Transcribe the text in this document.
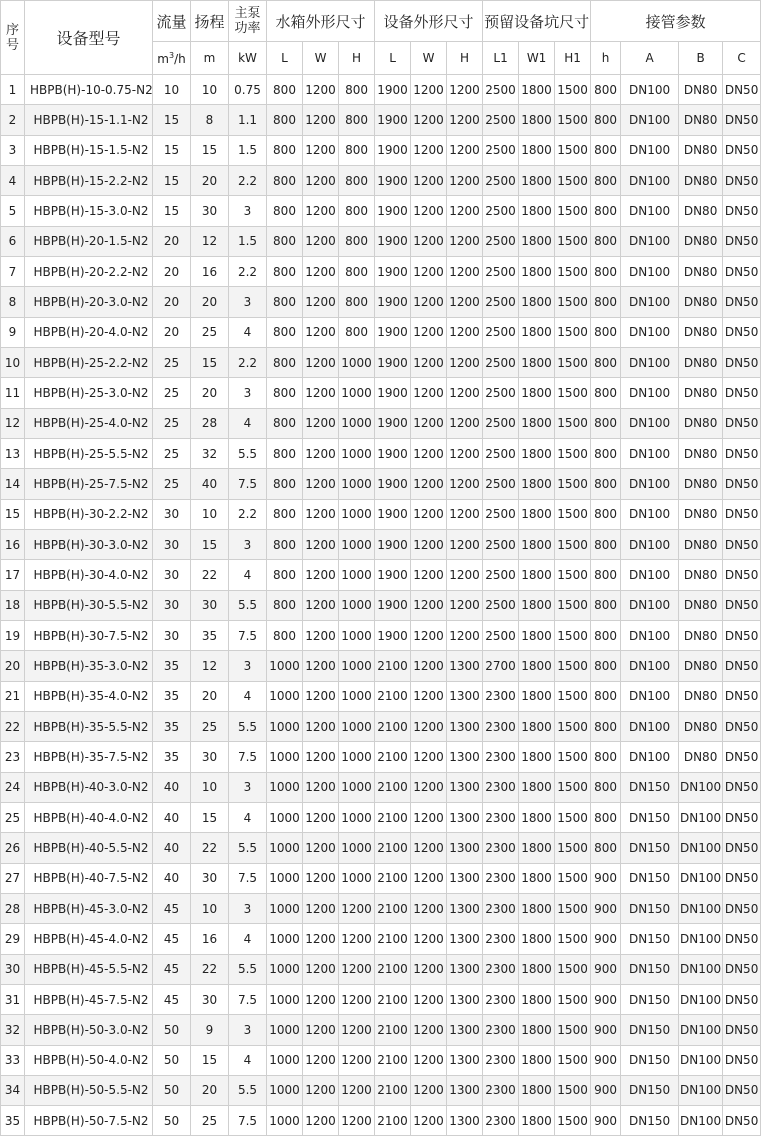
序号	设备型号	流量	扬程	主泵功率	水箱外形尺寸			设备外形尺寸			预留设备坑尺寸			接管参数			
		$m^3/h$	m	kW	L	W	H	L	W	H	L1	W1	H1	h	A	B	C
1	HBPB(H)-10-0.75-N2	10	10	0.75	800	1200	800	1900	1200	1200	2500	1800	1500	800	DN100	DN80	DN50
2	HBPB(H)-15-1.1-N2	15	8	1.1	800	1200	800	1900	1200	1200	2500	1800	1500	800	DN100	DN80	DN50
3	HBPB(H)-15-1.5-N2	15	15	1.5	800	1200	800	1900	1200	1200	2500	1800	1500	800	DN100	DN80	DN50
4	HBPB(H)-15-2.2-N2	15	20	2.2	800	1200	800	1900	1200	1200	2500	1800	1500	800	DN100	DN80	DN50
5	HBPB(H)-15-3.0-N2	15	30	3	800	1200	800	1900	1200	1200	2500	1800	1500	800	DN100	DN80	DN50
6	HBPB(H)-20-1.5-N2	20	12	1.5	800	1200	800	1900	1200	1200	2500	1800	1500	800	DN100	DN80	DN50
7	HBPB(H)-20-2.2-N2	20	16	2.2	800	1200	800	1900	1200	1200	2500	1800	1500	800	DN100	DN80	DN50
8	HBPB(H)-20-3.0-N2	20	20	3	800	1200	800	1900	1200	1200	2500	1800	1500	800	DN100	DN80	DN50
9	HBPB(H)-20-4.0-N2	20	25	4	800	1200	800	1900	1200	1200	2500	1800	1500	800	DN100	DN80	DN50
10	HBPB(H)-25-2.2-N2	25	15	2.2	800	1200	1000	1900	1200	1200	2500	1800	1500	800	DN100	DN80	DN50
11	HBPB(H)-25-3.0-N2	25	20	3	800	1200	1000	1900	1200	1200	2500	1800	1500	800	DN100	DN80	DN50
12	HBPB(H)-25-4.0-N2	25	28	4	800	1200	1000	1900	1200	1200	2500	1800	1500	800	DN100	DN80	DN50
13	HBPB(H)-25-5.5-N2	25	32	5.5	800	1200	1000	1900	1200	1200	2500	1800	1500	800	DN100	DN80	DN50
14	HBPB(H)-25-7.5-N2	25	40	7.5	800	1200	1000	1900	1200	1200	2500	1800	1500	800	DN100	DN80	DN50
15	HBPB(H)-30-2.2-N2	30	10	2.2	800	1200	1000	1900	1200	1200	2500	1800	1500	800	DN100	DN80	DN50
16	HBPB(H)-30-3.0-N2	30	15	3	800	1200	1000	1900	1200	1200	2500	1800	1500	800	DN100	DN80	DN50
17	HBPB(H)-30-4.0-N2	30	22	4	800	1200	1000	1900	1200	1200	2500	1800	1500	800	DN100	DN80	DN50
18	HBPB(H)-30-5.5-N2	30	30	5.5	800	1200	1000	1900	1200	1200	2500	1800	1500	800	DN100	DN80	DN50
19	HBPB(H)-30-7.5-N2	30	35	7.5	800	1200	1000	1900	1200	1200	2500	1800	1500	800	DN100	DN80	DN50
20	HBPB(H)-35-3.0-N2	35	12	3	1000	1200	1000	2100	1200	1300	2700	1800	1500	800	DN100	DN80	DN50
21	HBPB(H)-35-4.0-N2	35	20	4	1000	1200	1000	2100	1200	1300	2300	1800	1500	800	DN100	DN80	DN50
22	HBPB(H)-35-5.5-N2	35	25	5.5	1000	1200	1000	2100	1200	1300	2300	1800	1500	800	DN100	DN80	DN50
23	HBPB(H)-35-7.5-N2	35	30	7.5	1000	1200	1000	2100	1200	1300	2300	1800	1500	800	DN100	DN80	DN50
24	HBPB(H)-40-3.0-N2	40	10	3	1000	1200	1000	2100	1200	1300	2300	1800	1500	800	DN150	DN100	DN50
25	HBPB(H)-40-4.0-N2	40	15	4	1000	1200	1000	2100	1200	1300	2300	1800	1500	800	DN150	DN100	DN50
26	HBPB(H)-40-5.5-N2	40	22	5.5	1000	1200	1000	2100	1200	1300	2300	1800	1500	800	DN150	DN100	DN50
27	HBPB(H)-40-7.5-N2	40	30	7.5	1000	1200	1000	2100	1200	1300	2300	1800	1500	900	DN150	DN100	DN50
28	HBPB(H)-45-3.0-N2	45	10	3	1000	1200	1200	2100	1200	1300	2300	1800	1500	900	DN150	DN100	DN50
29	HBPB(H)-45-4.0-N2	45	16	4	1000	1200	1200	2100	1200	1300	2300	1800	1500	900	DN150	DN100	DN50
30	HBPB(H)-45-5.5-N2	45	22	5.5	1000	1200	1200	2100	1200	1300	2300	1800	1500	900	DN150	DN100	DN50
31	HBPB(H)-45-7.5-N2	45	30	7.5	1000	1200	1200	2100	1200	1300	2300	1800	1500	900	DN150	DN100	DN50
32	HBPB(H)-50-3.0-N2	50	9	3	1000	1200	1200	2100	1200	1300	2300	1800	1500	900	DN150	DN100	DN50
33	HBPB(H)-50-4.0-N2	50	15	4	1000	1200	1200	2100	1200	1300	2300	1800	1500	900	DN150	DN100	DN50
34	HBPB(H)-50-5.5-N2	50	20	5.5	1000	1200	1200	2100	1200	1300	2300	1800	1500	900	DN150	DN100	DN50
35	HBPB(H)-50-7.5-N2	50	25	7.5	1000	1200	1200	2100	1200	1300	2300	1800	1500	900	DN150	DN100	DN50
